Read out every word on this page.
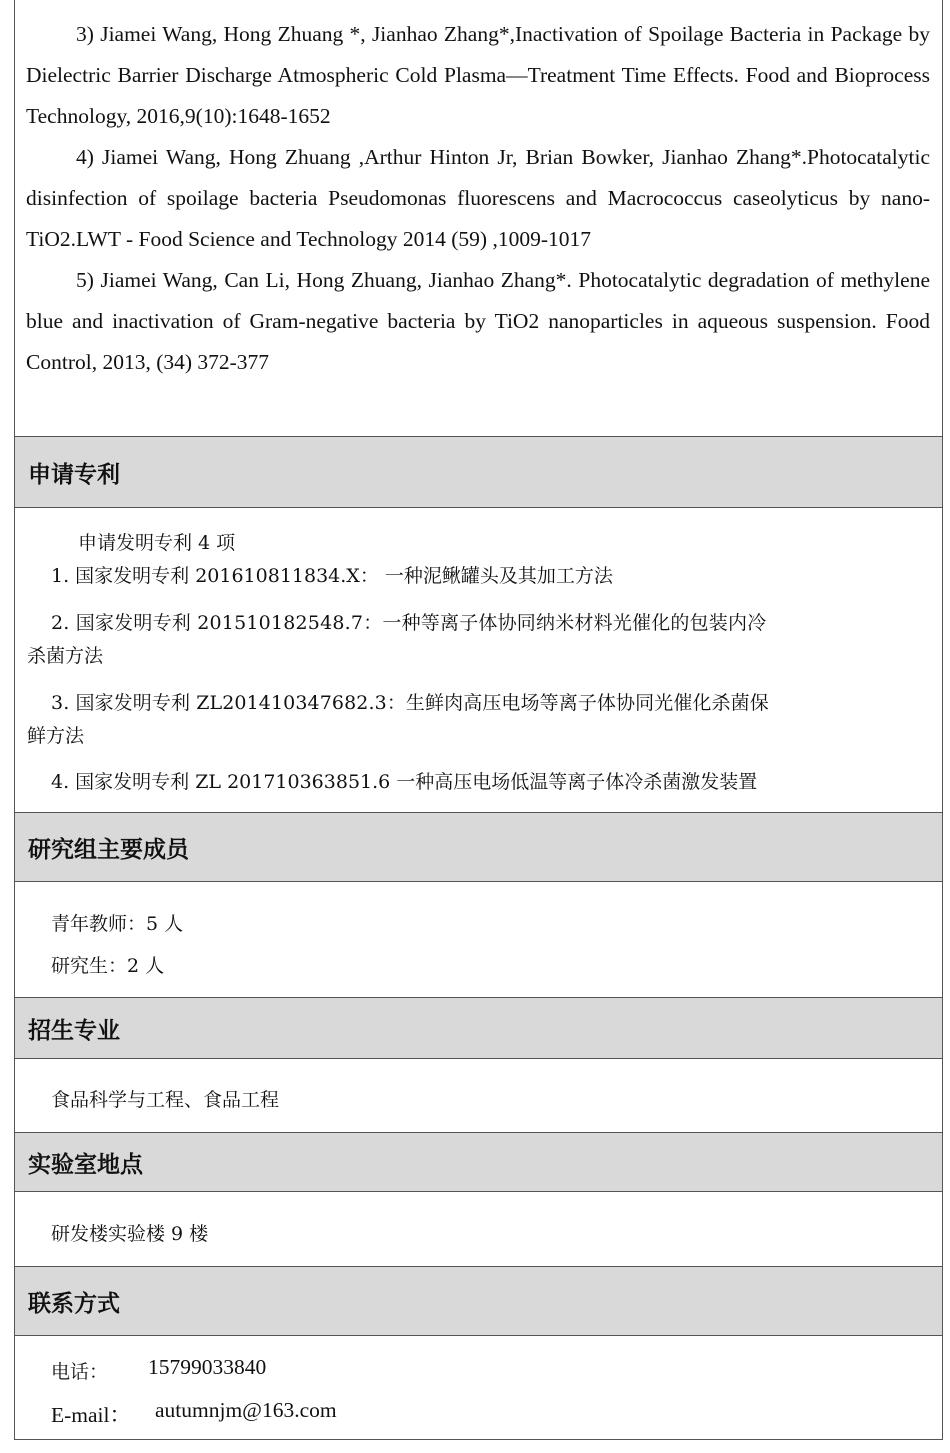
3) Jiamei Wang, Hong Zhuang *, Jianhao Zhang*,Inactivation of Spoilage Bacteria in Package by Dielectric Barrier Discharge Atmospheric Cold Plasma—Treatment Time Effects. Food and Bioprocess Technology, 2016,9(10):1648-1652

4) Jiamei Wang, Hong Zhuang ,Arthur Hinton Jr, Brian Bowker, Jianhao Zhang*.Photocatalytic disinfection of spoilage bacteria Pseudomonas fluorescens and Macrococcus caseolyticus by nano-TiO2.LWT - Food Science and Technology 2014 (59) ,1009-1017

5) Jiamei Wang, Can Li, Hong Zhuang, Jianhao Zhang*. Photocatalytic degradation of methylene blue and inactivation of Gram-negative bacteria by TiO2 nanoparticles in aqueous suspension. Food Control, 2013, (34) 372-377

申请专利
申请发明专利 4 项
1. 国家发明专利 201610811834.X： 一种泥鳅罐头及其加工方法
2. 国家发明专利 201510182548.7：一种等离子体协同纳米材料光催化的包装内冷
杀菌方法
3. 国家发明专利 ZL201410347682.3：生鲜肉高压电场等离子体协同光催化杀菌保
鲜方法
4. 国家发明专利 ZL 201710363851.6 一种高压电场低温等离子体冷杀菌激发装置
研究组主要成员
青年教师：5 人
研究生：2 人
招生专业
食品科学与工程、食品工程
实验室地点
研发楼实验楼 9 楼
联系方式
电话： 15799033840
E-mail： autumnjm@163.com
